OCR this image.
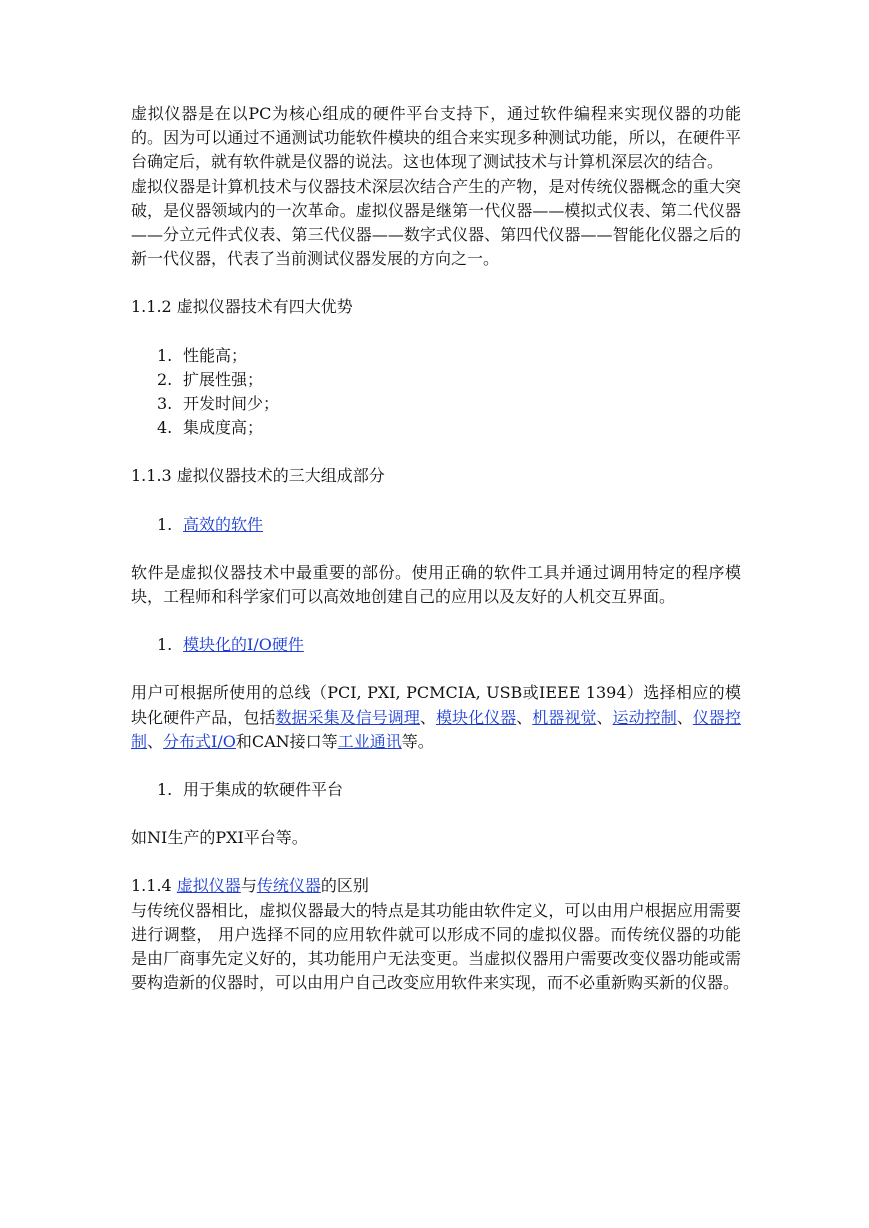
虚拟仪器是在以PC为核心组成的硬件平台支持下，通过软件编程来实现仪器的功能的。因为可以通过不通测试功能软件模块的组合来实现多种测试功能，所以，在硬件平台确定后，就有软件就是仪器的说法。这也体现了测试技术与计算机深层次的结合。

虚拟仪器是计算机技术与仪器技术深层次结合产生的产物，是对传统仪器概念的重大突破，是仪器领域内的一次革命。虚拟仪器是继第一代仪器——模拟式仪表、第二代仪器——分立元件式仪表、第三代仪器——数字式仪器、第四代仪器——智能化仪器之后的新一代仪器，代表了当前测试仪器发展的方向之一。

1.1.2 虚拟仪器技术有四大优势

1. 性能高；
2. 扩展性强；
3. 开发时间少；
4. 集成度高；

1.1.3 虚拟仪器技术的三大组成部分

1. 高效的软件

软件是虚拟仪器技术中最重要的部份。使用正确的软件工具并通过调用特定的程序模块，工程师和科学家们可以高效地创建自己的应用以及友好的人机交互界面。

1. 模块化的I/O硬件

用户可根据所使用的总线（PCI, PXI, PCMCIA, USB或IEEE 1394）选择相应的模块化硬件产品，包括数据采集及信号调理、模块化仪器、机器视觉、运动控制、仪器控制、分布式I/O和CAN接口等工业通讯等。

1. 用于集成的软硬件平台

如NI生产的PXI平台等。

1.1.4 虚拟仪器与传统仪器的区别

与传统仪器相比，虚拟仪器最大的特点是其功能由软件定义，可以由用户根据应用需要进行调整， 用户选择不同的应用软件就可以形成不同的虚拟仪器。而传统仪器的功能是由厂商事先定义好的，其功能用户无法变更。当虚拟仪器用户需要改变仪器功能或需要构造新的仪器时，可以由用户自己改变应用软件来实现，而不必重新购买新的仪器。
